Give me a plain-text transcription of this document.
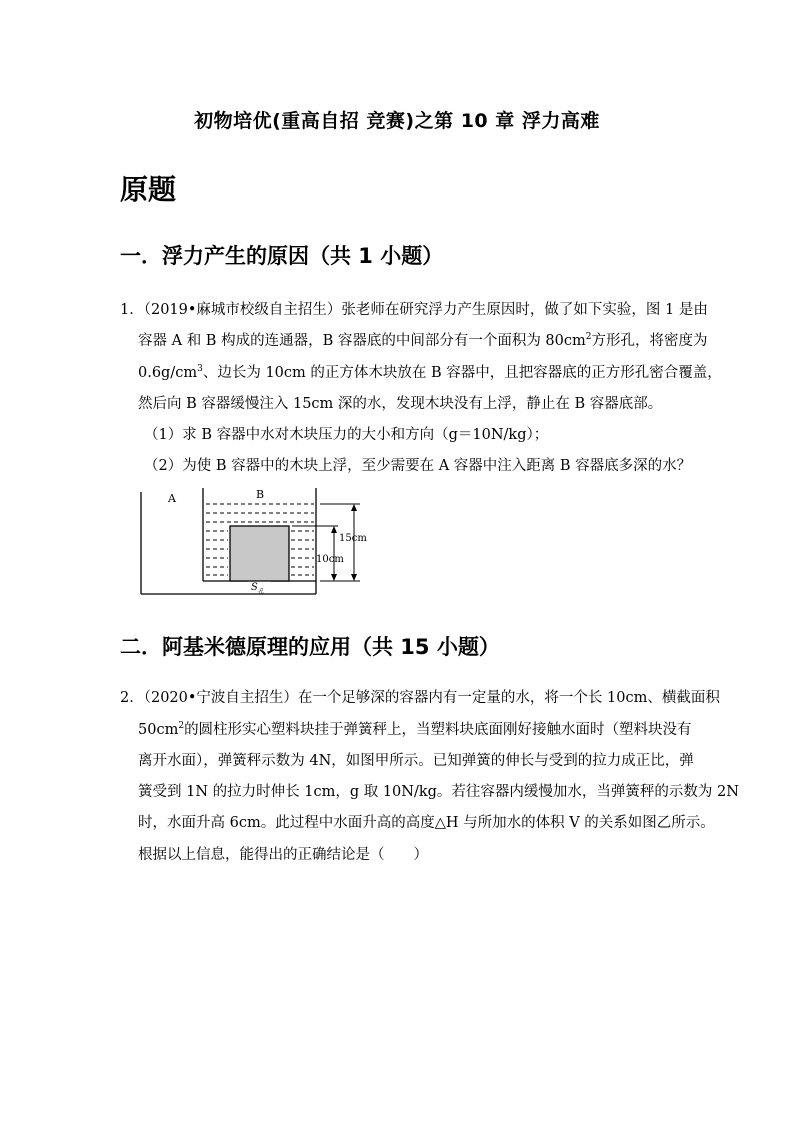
初物培优(重高自招 竞赛)之第 10 章 浮力高难
原题
一．浮力产生的原因（共 1 小题）
1．（2019•麻城市校级自主招生）张老师在研究浮力产生原因时，做了如下实验，图 1 是由
容器 A 和 B 构成的连通器，B 容器底的中间部分有一个面积为 $80cm^2$方形孔，将密度为
$0.6g/cm^3$、边长为 10cm 的正方体木块放在 B 容器中，且把容器底的正方形孔密合覆盖，
然后向 B 容器缓慢注入 15cm 深的水，发现木块没有上浮，静止在 B 容器底部。
（1）求 B 容器中水对木块压力的大小和方向（g＝10N/kg）；
（2）为使 B 容器中的木块上浮，至少需要在 A 容器中注入距离 B 容器底多深的水？
A	B
15cm
10cm
$S_孔$
二．阿基米德原理的应用（共 15 小题）
2．（2020•宁波自主招生）在一个足够深的容器内有一定量的水，将一个长 10cm、横截面积
$50cm^2$的圆柱形实心塑料块挂于弹簧秤上，当塑料块底面刚好接触水面时（塑料块没有
离开水面），弹簧秤示数为 4N，如图甲所示。已知弹簧的伸长与受到的拉力成正比，弹
簧受到 1N 的拉力时伸长 1cm，g 取 10N/kg。若往容器内缓慢加水，当弹簧秤的示数为 2N
时，水面升高 6cm。此过程中水面升高的高度△H 与所加水的体积 V 的关系如图乙所示。
根据以上信息，能得出的正确结论是（　　）
